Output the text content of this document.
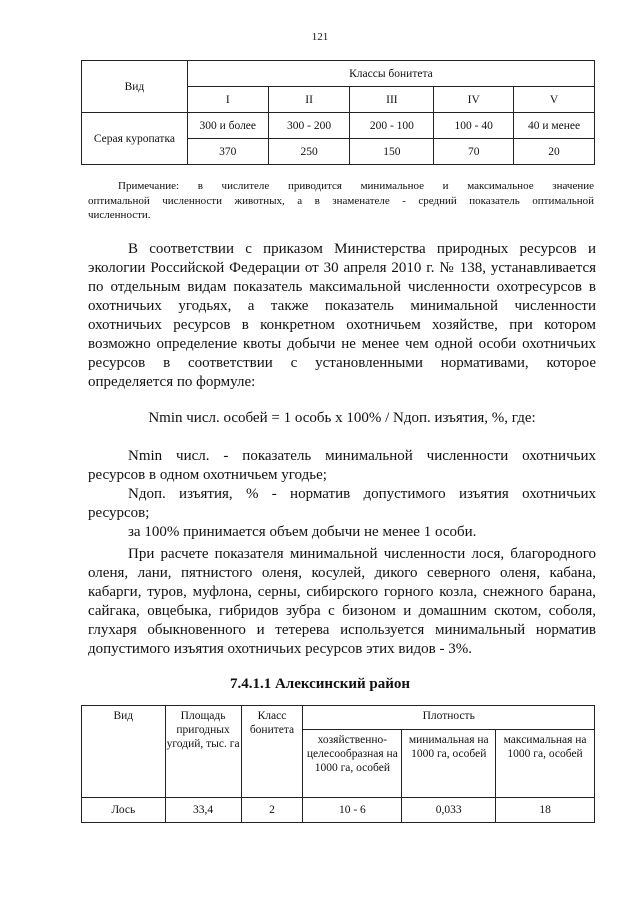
121
Вид	Классы бонитета				
	I	II	III	IV	V
Серая куропатка	300 и более	300 - 200	200 - 100	100 - 40	40 и менее
	370	250	150	70	20
Примечание: в числителе приводится минимальное и максимальное значение
оптимальной численности животных, а в знаменателе - средний показатель оптимальной
численности.
В соответствии с приказом Министерства природных ресурсов и
экологии Российской Федерации от 30 апреля 2010 г. № 138, устанавливается
по отдельным видам показатель максимальной численности охотресурсов в
охотничьих угодьях, а также показатель минимальной численности
охотничьих ресурсов в конкретном охотничьем хозяйстве, при котором
возможно определение квоты добычи не менее чем одной особи охотничьих
ресурсов в соответствии с установленными нормативами, которое
определяется по формуле:
Nmin числ. особей = 1 особь x 100% / Nдоп. изъятия, %, где:
Nmin числ. - показатель минимальной численности охотничьих
ресурсов в одном охотничьем угодье;
Nдоп. изъятия, % - норматив допустимого изъятия охотничьих
ресурсов;
за 100% принимается объем добычи не менее 1 особи.
При расчете показателя минимальной численности лося, благородного
оленя, лани, пятнистого оленя, косулей, дикого северного оленя, кабана,
кабарги, туров, муфлона, серны, сибирского горного козла, снежного барана,
сайгака, овцебыка, гибридов зубра с бизоном и домашним скотом, соболя,
глухаря обыкновенного и тетерева используется минимальный норматив
допустимого изъятия охотничьих ресурсов этих видов - 3%.
7.4.1.1 Алексинский район
Вид	Площадь пригодных угодий, тыс. га	Класс бонитета	Плотность		
			хозяйственно-целесообразная на 1000 га, особей	минимальная на 1000 га, особей	максимальная на 1000 га, особей
Лось	33,4	2	10 - 6	0,033	18
